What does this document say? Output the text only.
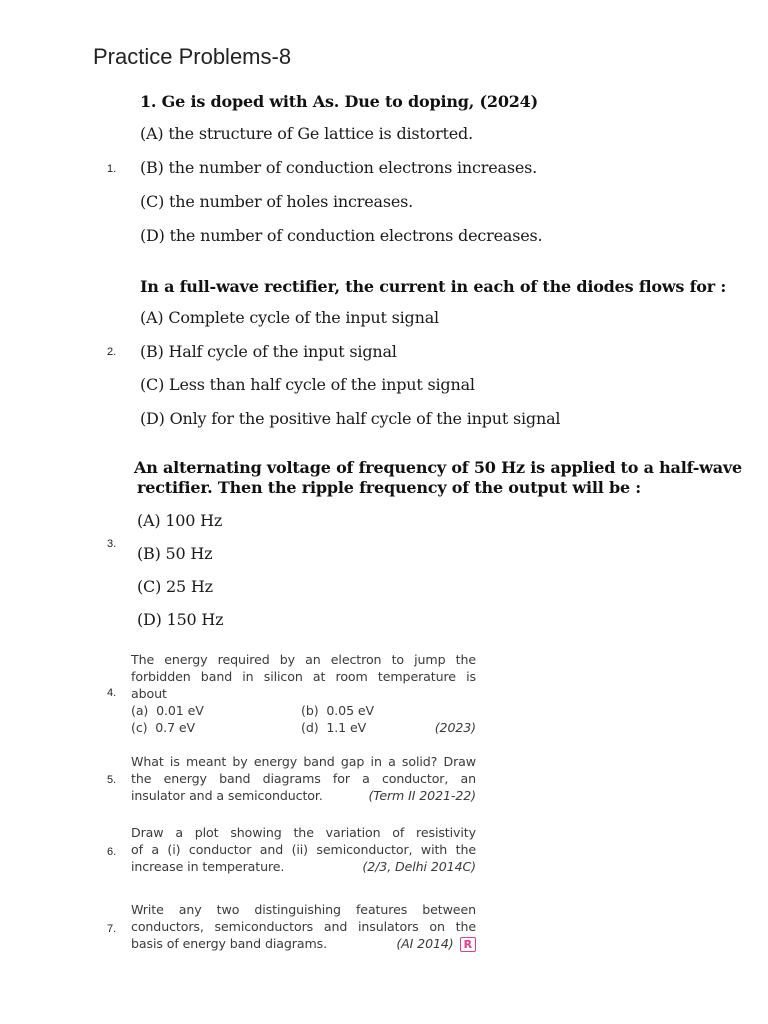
Practice Problems-8
1. Ge is doped with As. Due to doping, (2024)
(A) the structure of Ge lattice is distorted.
1. (B) the number of conduction electrons increases.
(C) the number of holes increases.
(D) the number of conduction electrons decreases.
In a full-wave rectifier, the current in each of the diodes flows for :
(A) Complete cycle of the input signal
2. (B) Half cycle of the input signal
(C) Less than half cycle of the input signal
(D) Only for the positive half cycle of the input signal
An alternating voltage of frequency of 50 Hz is applied to a half-wave
rectifier. Then the ripple frequency of the output will be :
(A) 100 Hz
3. (B) 50 Hz
(C) 25 Hz
(D) 150 Hz
The energy required by an electron to jump the
forbidden band in silicon at room temperature is
about
(a) 0.01 eV	(b) 0.05 eV
(c) 0.7 eV	(d) 1.1 eV	(2023)
4.
What is meant by energy band gap in a solid? Draw
the energy band diagrams for a conductor, an
insulator and a semiconductor.	(Term II 2021-22)
5.
Draw a plot showing the variation of resistivity
of a (i) conductor and (ii) semiconductor, with the
increase in temperature.	(2/3, Delhi 2014C)
6.
Write any two distinguishing features between
conductors, semiconductors and insulators on the
basis of energy band diagrams.	(AI 2014) R
7.
